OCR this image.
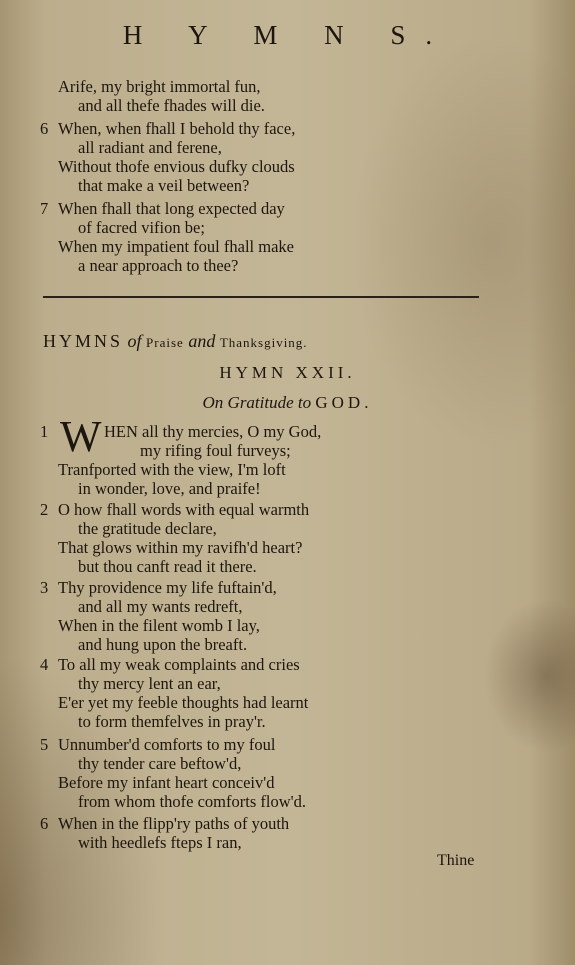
H Y M N S.
Arife, my bright immortal fun,
and all thefe fhades will die.
6 When, when fhall I behold thy face,
all radiant and ferene,
Without thofe envious dufky clouds
that make a veil between?
7 When fhall that long expected day
of facred vifion be;
When my impatient foul fhall make
a near approach to thee?
HYMNS of Praise and Thanksgiving.
HYMN XXII.
On Gratitude to GOD.
1	HEN all thy mercies, O my God,
my rifing foul furveys;
Tranfported with the view, I'm loft
in wonder, love, and praife!
W
2 O how fhall words with equal warmth
the gratitude declare,
That glows within my ravifh'd heart?
but thou canft read it there.
3 Thy providence my life fuftain'd,
and all my wants redreft,
When in the filent womb I lay,
and hung upon the breaft.
4 To all my weak complaints and cries
thy mercy lent an ear,
E'er yet my feeble thoughts had learnt
to form themfelves in pray'r.
5 Unnumber'd comforts to my foul
thy tender care beftow'd,
Before my infant heart conceiv'd
from whom thofe comforts flow'd.
6 When in the flipp'ry paths of youth
with heedlefs fteps I ran,
Thine
